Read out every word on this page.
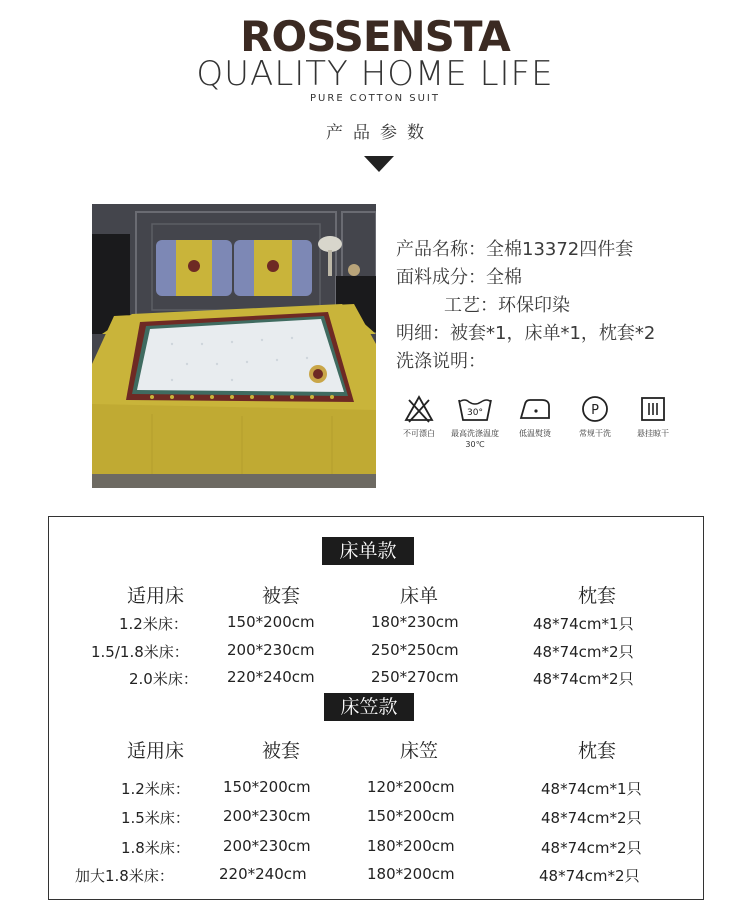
ROSSENSTA
QUALITY HOME LIFE
PURE COTTON SUIT
产品参数
产品名称：全棉13372四件套
面料成分：全棉
工艺：环保印染
明细：被套*1，床单*1，枕套*2
洗涤说明：
不可漂白
30°
最高洗涤温度30℃
低温熨烫
P
常规干洗	悬挂晾干
床单款
适用床	被套	床单	枕套
1.2米床：	150*200cm	180*230cm	48*74cm*1只
1.5/1.8米床：	200*230cm	250*250cm	48*74cm*2只
2.0米床： 220*240cm	250*270cm	48*74cm*2只
床笠款
适用床	被套	床笠	枕套
1.2米床： 150*200cm	120*200cm	48*74cm*1只
1.5米床： 200*230cm	150*200cm	48*74cm*2只
1.8米床： 200*230cm	180*200cm	48*74cm*2只
加大1.8米床：	220*240cm	180*200cm	48*74cm*2只
